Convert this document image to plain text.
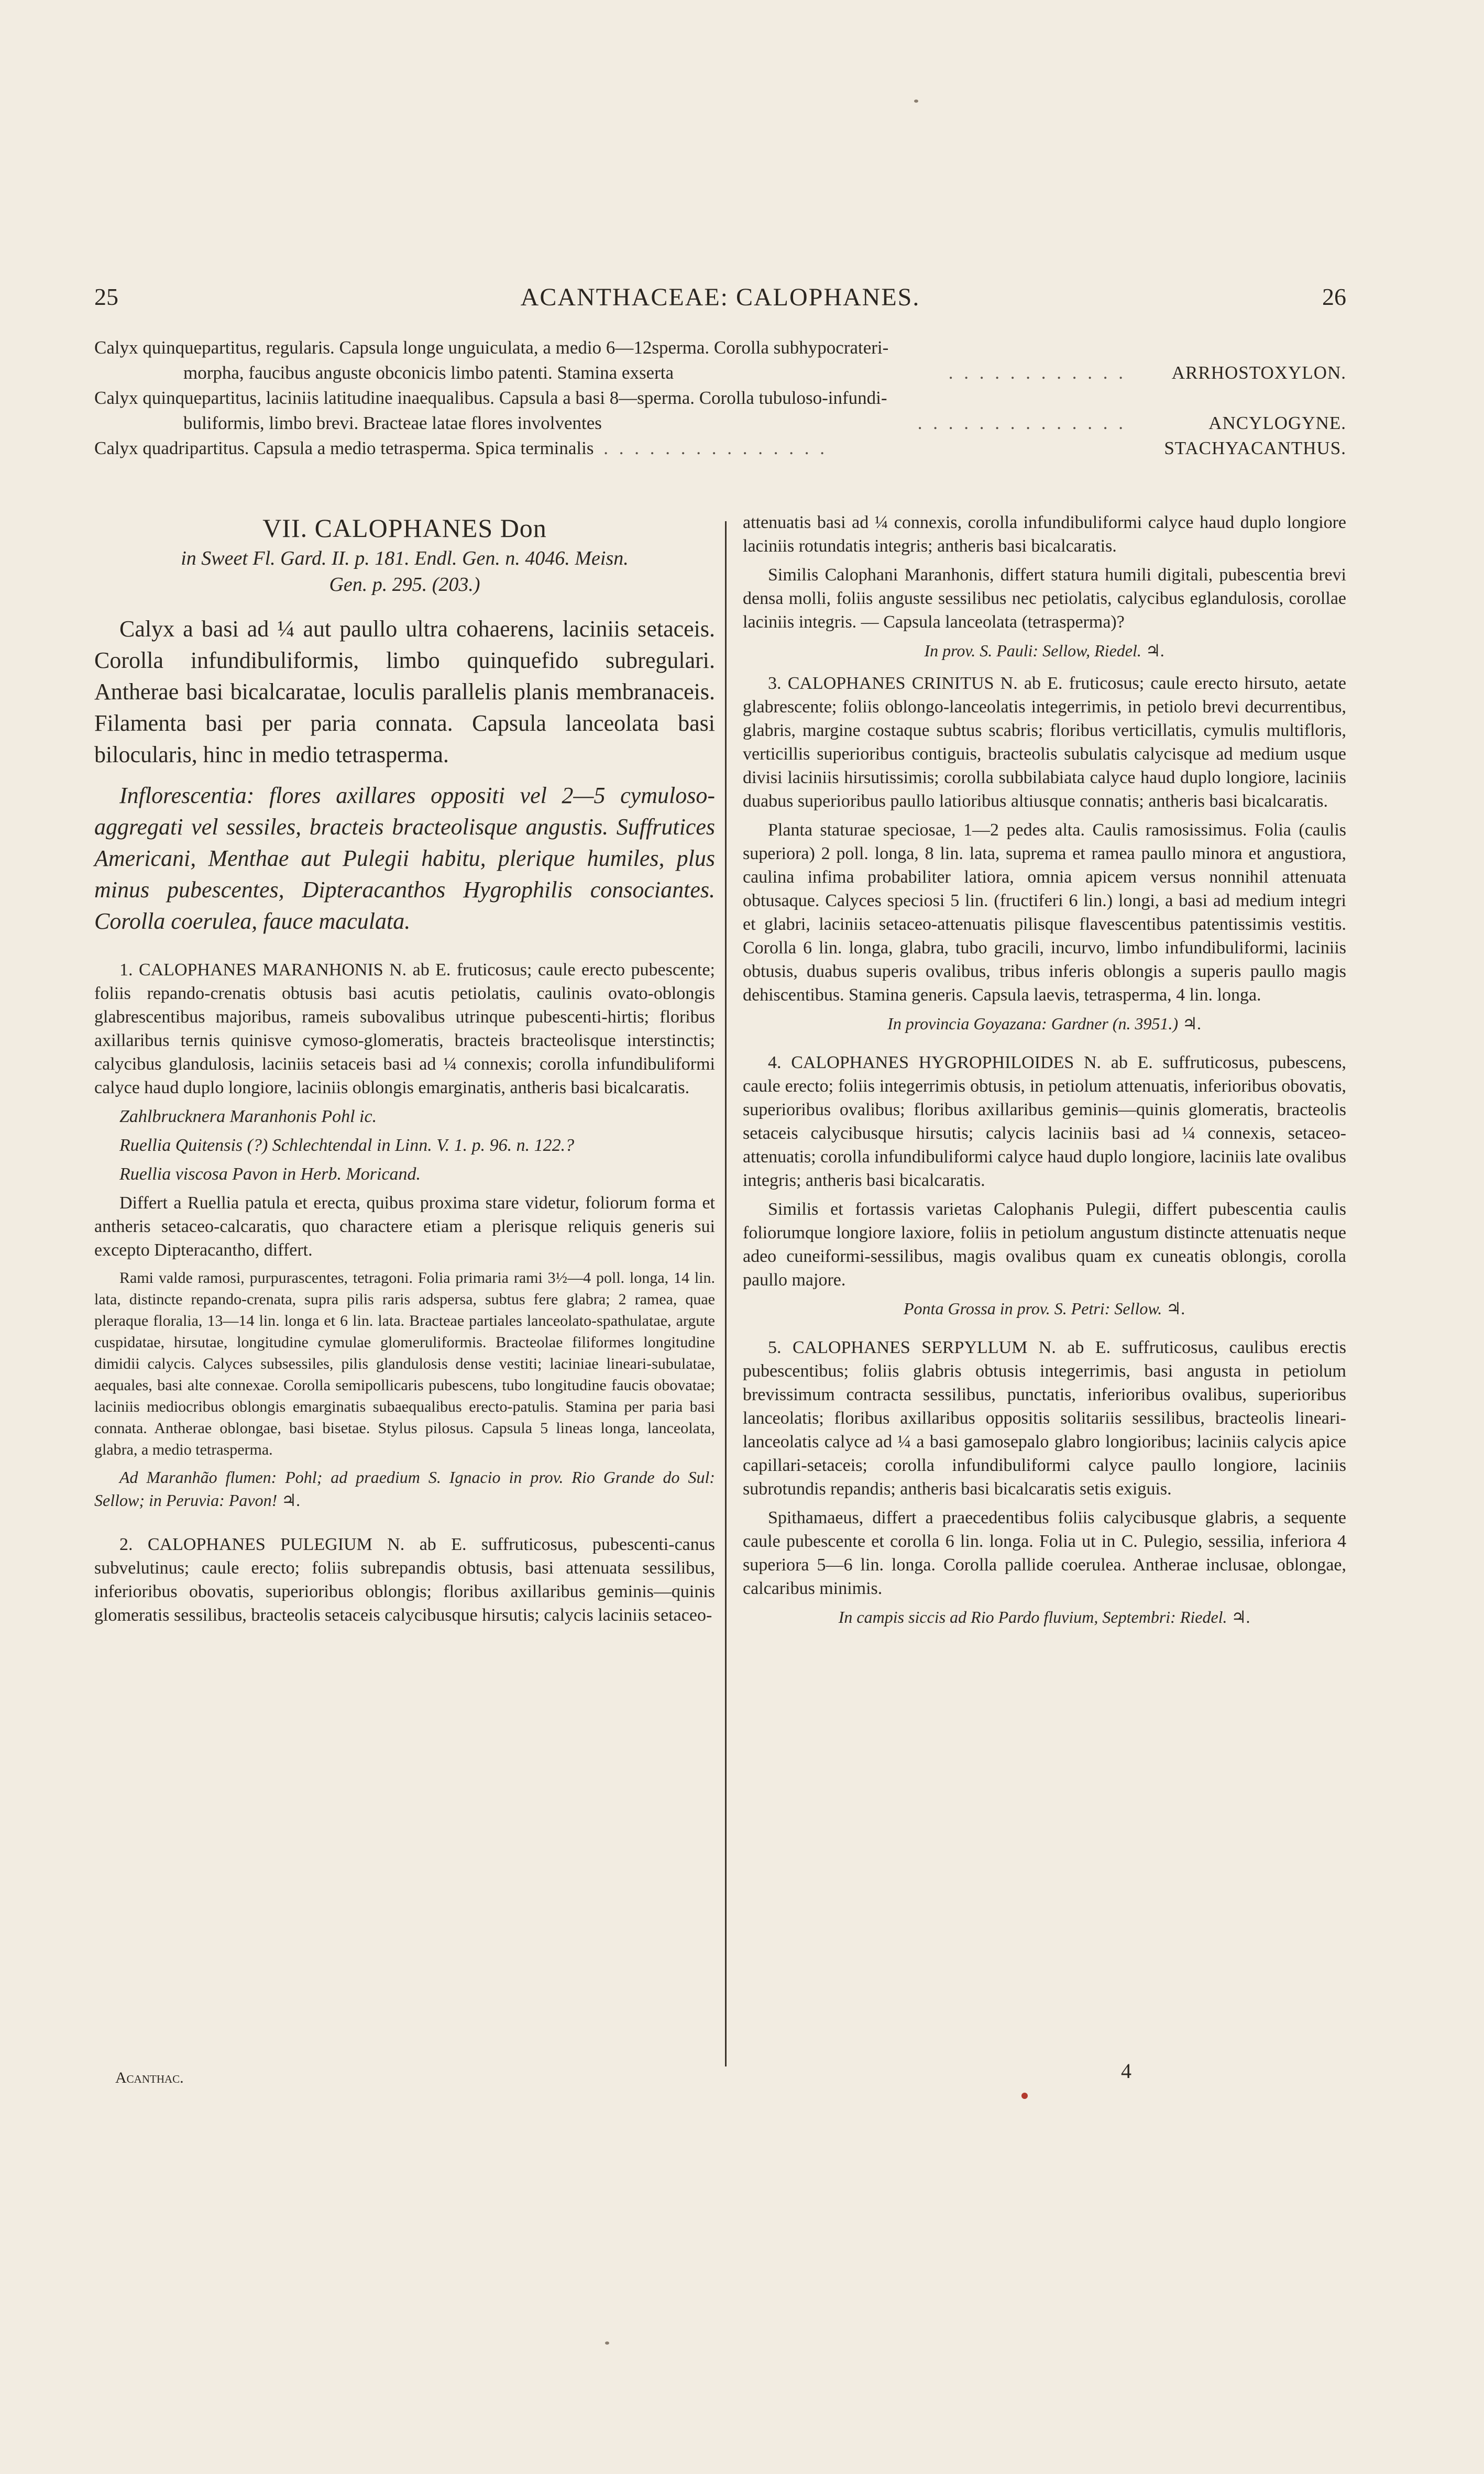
25	ACANTHACEAE: CALOPHANES.	26
Calyx quinquepartitus, regularis. Capsula longe unguiculata, a medio 6—12sperma. Corolla subhypocrateri-
morpha, faucibus anguste obconicis limbo patenti. Stamina exserta	. . . . . . . . . . . . ARRHOSTOXYLON.
Calyx quinquepartitus, laciniis latitudine inaequalibus. Capsula a basi 8—sperma. Corolla tubuloso-infundi-
buliformis, limbo brevi. Bracteae latae flores involventes	. . . . . . . . . . . . . .	ANCYLOGYNE.
Calyx quadripartitus. Capsula a medio tetrasperma. Spica terminalis . . . . . . . . . . . . . . .	STACHYACANTHUS.

VII. CALOPHANES Don

in Sweet Fl. Gard. II. p. 181. Endl. Gen. n. 4046. Meisn.

Gen. p. 295. (203.)

Calyx a basi ad ¼ aut paullo ultra cohaerens, laciniis setaceis. Corolla infundibuliformis, limbo quinquefido subregulari. Antherae basi bicalcaratae, loculis parallelis planis membranaceis. Filamenta basi per paria connata. Capsula lanceolata basi bilocularis, hinc in medio tetrasperma.

Inflorescentia: flores axillares oppositi vel 2—5 cymuloso-aggregati vel sessiles, bracteis bracteolisque angustis. Suffrutices Americani, Menthae aut Pulegii habitu, plerique humiles, plus minus pubescentes, Dipteracanthos Hygrophilis consociantes. Corolla coerulea, fauce maculata.

1. CALOPHANES MARANHONIS N. ab E. fruticosus; caule erecto pubescente; foliis repando-crenatis obtusis basi acutis petiolatis, caulinis ovato-oblongis glabrescentibus majoribus, rameis subovalibus utrinque pubescenti-hirtis; floribus axillaribus ternis quinisve cymoso-glomeratis, bracteis bracteolisque interstinctis; calycibus glandulosis, laciniis setaceis basi ad ¼ connexis; corolla infundibuliformi calyce haud duplo longiore, laciniis oblongis emarginatis, antheris basi bicalcaratis.

Zahlbrucknera Maranhonis Pohl ic.

Ruellia Quitensis (?) Schlechtendal in Linn. V. 1. p. 96. n. 122.?

Ruellia viscosa Pavon in Herb. Moricand.

Differt a Ruellia patula et erecta, quibus proxima stare videtur, foliorum forma et antheris setaceo-calcaratis, quo charactere etiam a plerisque reliquis generis sui excepto Dipteracantho, differt.

Rami valde ramosi, purpurascentes, tetragoni. Folia primaria rami 3½—4 poll. longa, 14 lin. lata, distincte repando-crenata, supra pilis raris adspersa, subtus fere glabra; 2 ramea, quae pleraque floralia, 13—14 lin. longa et 6 lin. lata. Bracteae partiales lanceolato-spathulatae, argute cuspidatae, hirsutae, longitudine cymulae glomeruliformis. Bracteolae filiformes longitudine dimidii calycis. Calyces subsessiles, pilis glandulosis dense vestiti; laciniae lineari-subulatae, aequales, basi alte connexae. Corolla semipollicaris pubescens, tubo longitudine faucis obovatae; laciniis mediocribus oblongis emarginatis subaequalibus erecto-patulis. Stamina per paria basi connata. Antherae oblongae, basi bisetae. Stylus pilosus. Capsula 5 lineas longa, lanceolata, glabra, a medio tetrasperma.

Ad Maranhão flumen: Pohl; ad praedium S. Ignacio in prov. Rio Grande do Sul: Sellow; in Peruvia: Pavon! ♃.

2. CALOPHANES PULEGIUM N. ab E. suffruticosus, pubescenti-canus subvelutinus; caule erecto; foliis subrepandis obtusis, basi attenuata sessilibus, inferioribus obovatis, superioribus oblongis; floribus axillaribus geminis—quinis glomeratis sessilibus, bracteolis setaceis calycibusque hirsutis; calycis laciniis setaceo-

attenuatis basi ad ¼ connexis, corolla infundibuliformi calyce haud duplo longiore laciniis rotundatis integris; antheris basi bicalcaratis.

Similis Calophani Maranhonis, differt statura humili digitali, pubescentia brevi densa molli, foliis anguste sessilibus nec petiolatis, calycibus eglandulosis, corollae laciniis integris. — Capsula lanceolata (tetrasperma)?

In prov. S. Pauli: Sellow, Riedel. ♃.

3. CALOPHANES CRINITUS N. ab E. fruticosus; caule erecto hirsuto, aetate glabrescente; foliis oblongo-lanceolatis integerrimis, in petiolo brevi decurrentibus, glabris, margine costaque subtus scabris; floribus verticillatis, cymulis multifloris, verticillis superioribus contiguis, bracteolis subulatis calycisque ad medium usque divisi laciniis hirsutissimis; corolla subbilabiata calyce haud duplo longiore, laciniis duabus superioribus paullo latioribus altiusque connatis; antheris basi bicalcaratis.

Planta staturae speciosae, 1—2 pedes alta. Caulis ramosissimus. Folia (caulis superiora) 2 poll. longa, 8 lin. lata, suprema et ramea paullo minora et angustiora, caulina infima probabiliter latiora, omnia apicem versus nonnihil attenuata obtusaque. Calyces speciosi 5 lin. (fructiferi 6 lin.) longi, a basi ad medium integri et glabri, laciniis setaceo-attenuatis pilisque flavescentibus patentissimis vestitis. Corolla 6 lin. longa, glabra, tubo gracili, incurvo, limbo infundibuliformi, laciniis obtusis, duabus superis ovalibus, tribus inferis oblongis a superis paullo magis dehiscentibus. Stamina generis. Capsula laevis, tetrasperma, 4 lin. longa.

In provincia Goyazana: Gardner (n. 3951.) ♃.

4. CALOPHANES HYGROPHILOIDES N. ab E. suffruticosus, pubescens, caule erecto; foliis integerrimis obtusis, in petiolum attenuatis, inferioribus obovatis, superioribus ovalibus; floribus axillaribus geminis—quinis glomeratis, bracteolis setaceis calycibusque hirsutis; calycis laciniis basi ad ¼ connexis, setaceo-attenuatis; corolla infundibuliformi calyce haud duplo longiore, laciniis late ovalibus integris; antheris basi bicalcaratis.

Similis et fortassis varietas Calophanis Pulegii, differt pubescentia caulis foliorumque longiore laxiore, foliis in petiolum angustum distincte attenuatis neque adeo cuneiformi-sessilibus, magis ovalibus quam ex cuneatis oblongis, corolla paullo majore.

Ponta Grossa in prov. S. Petri: Sellow. ♃.

5. CALOPHANES SERPYLLUM N. ab E. suffruticosus, caulibus erectis pubescentibus; foliis glabris obtusis integerrimis, basi angusta in petiolum brevissimum contracta sessilibus, punctatis, inferioribus ovalibus, superioribus lanceolatis; floribus axillaribus oppositis solitariis sessilibus, bracteolis lineari-lanceolatis calyce ad ¼ a basi gamosepalo glabro longioribus; laciniis calycis apice capillari-setaceis; corolla infundibuliformi calyce paullo longiore, laciniis subrotundis repandis; antheris basi bicalcaratis setis exiguis.

Spithamaeus, differt a praecedentibus foliis calycibusque glabris, a sequente caule pubescente et corolla 6 lin. longa. Folia ut in C. Pulegio, sessilia, inferiora 4 superiora 5—6 lin. longa. Corolla pallide coerulea. Antherae inclusae, oblongae, calcaribus minimis.

In campis siccis ad Rio Pardo fluvium, Septembri: Riedel. ♃.

Acanthac.	4
